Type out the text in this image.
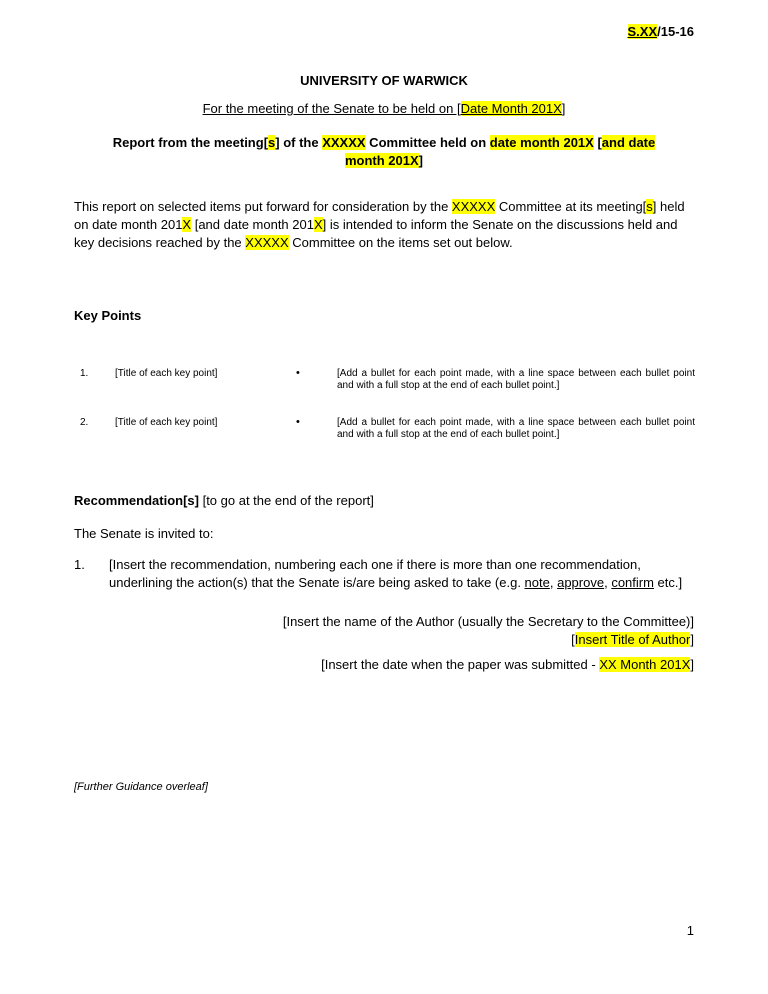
S.XX/15-16
UNIVERSITY OF WARWICK
For the meeting of the Senate to be held on [Date Month 201X]
Report from the meeting[s] of the XXXXX Committee held on date month 201X [and date
month 201X]
This report on selected items put forward for consideration by the XXXXX Committee at its meeting[s] held on date month 201X [and date month 201X] is intended to inform the Senate on the discussions held and key decisions reached by the XXXXX Committee on the items set out below.
Key Points
1.	[Title of each key point]	•	[Add a bullet for each point made, with a line space between each bullet point and with a full stop at the end of each bullet point.]
2.	[Title of each key point]	•	[Add a bullet for each point made, with a line space between each bullet point and with a full stop at the end of each bullet point.]
Recommendation[s] [to go at the end of the report]
The Senate is invited to:
1. [Insert the recommendation, numbering each one if there is more than one recommendation, underlining the action(s) that the Senate is/are being asked to take (e.g. note, approve, confirm etc.]
[Insert the name of the Author (usually the Secretary to the Committee)]
[Insert Title of Author]
[Insert the date when the paper was submitted - XX Month 201X]
[Further Guidance overleaf]
1
